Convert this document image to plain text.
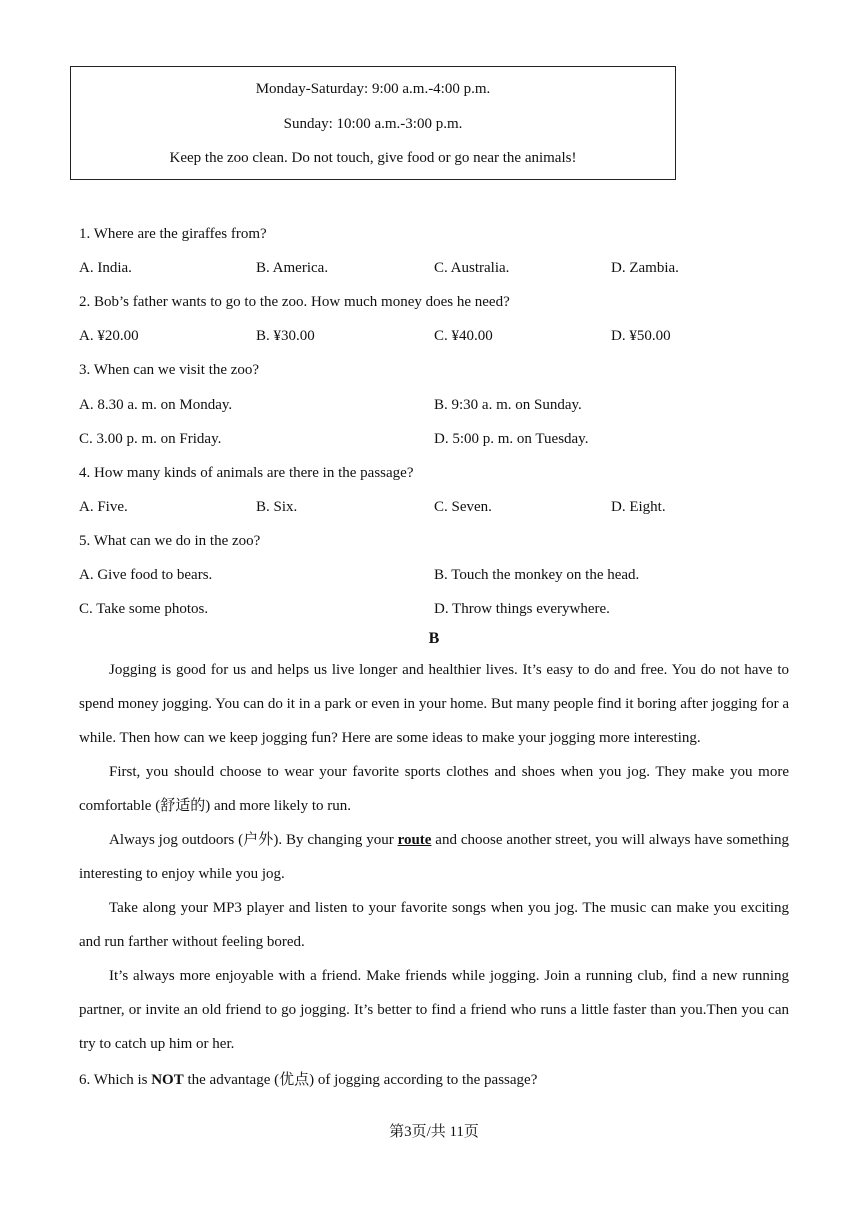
Monday-Saturday: 9:00 a.m.-4:00 p.m.
Sunday: 10:00 a.m.-3:00 p.m.
Keep the zoo clean. Do not touch, give food or go near the animals!
1. Where are the giraffes from?
A. India.	B. America.	C. Australia.	D. Zambia.
2. Bob’s father wants to go to the zoo. How much money does he need?
A. ¥20.00	B. ¥30.00	C. ¥40.00	D. ¥50.00
3. When can we visit the zoo?
A. 8.30 a. m. on Monday.	B. 9:30 a. m. on Sunday.
C. 3.00 p. m. on Friday.	D. 5:00 p. m. on Tuesday.
4. How many kinds of animals are there in the passage?
A. Five.	B. Six.	C. Seven.	D. Eight.
5. What can we do in the zoo?
A. Give food to bears.	B. Touch the monkey on the head.
C. Take some photos.	D. Throw things everywhere.
B

Jogging is good for us and helps us live longer and healthier lives. It’s easy to do and free. You do not have to spend money jogging. You can do it in a park or even in your home. But many people find it boring after jogging for a while. Then how can we keep jogging fun? Here are some ideas to make your jogging more interesting.

First, you should choose to wear your favorite sports clothes and shoes when you jog. They make you more comfortable (舒适的) and more likely to run.

Always jog outdoors (户外). By changing your route and choose another street, you will always have something interesting to enjoy while you jog.

Take along your MP3 player and listen to your favorite songs when you jog. The music can make you exciting and run farther without feeling bored.

It’s always more enjoyable with a friend. Make friends while jogging. Join a running club, find a new running partner, or invite an old friend to go jogging. It’s better to find a friend who runs a little faster than you.Then you can try to catch up him or her.

6. Which is NOT the advantage (优点) of jogging according to the passage?
第3页/共 11页
